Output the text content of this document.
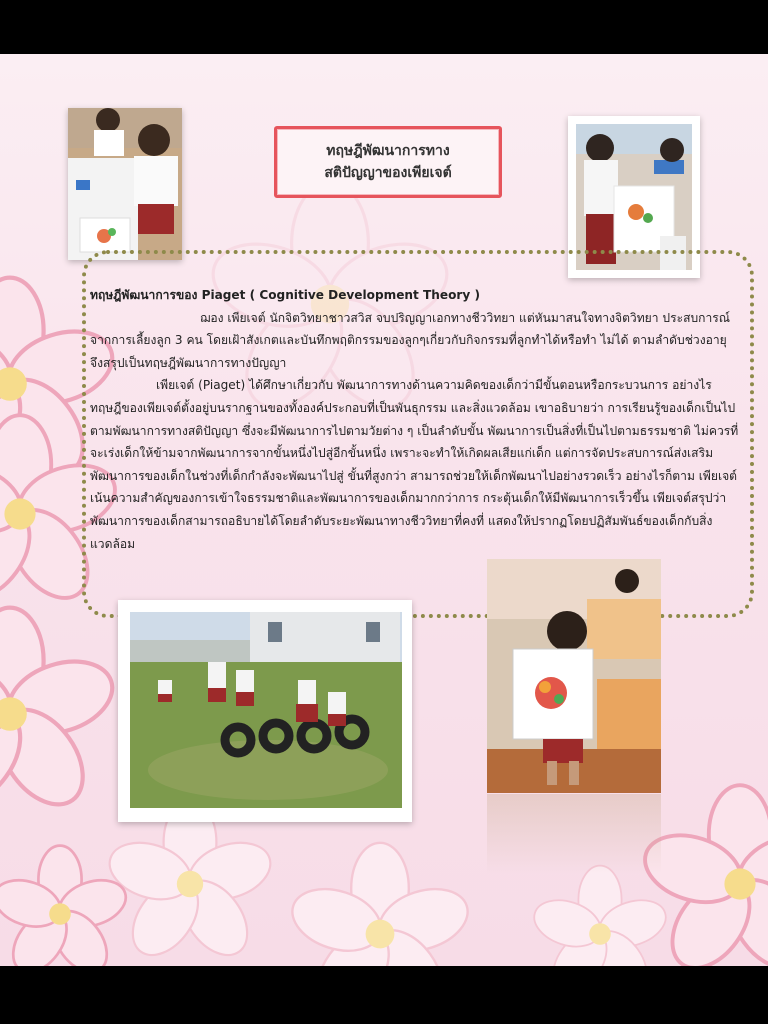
ทฤษฎีพัฒนาการทาง
สติปัญญาของเพียเจต์

ทฤษฎีพัฒนาการของ Piaget ( Cognitive Development Theory )

ฌอง เพียเจต์ นักจิตวิทยาชาวสวิส จบปริญญาเอกทางชีววิทยา แต่หันมาสนใจทางจิตวิทยา ประสบการณ์จากการเลี้ยงลูก 3 คน โดยเฝ้าสังเกตและบันทึกพฤติกรรมของลูกๆเกี่ยวกับกิจกรรมที่ลูกทำได้หรือทำ ไม่ได้ ตามลำดับช่วงอายุ จึงสรุปเป็นทฤษฎีพัฒนาการทางปัญญา

เพียเจต์ (Piaget) ได้ศึกษาเกี่ยวกับ พัฒนาการทางด้านความคิดของเด็กว่ามีขั้นตอนหรือกระบวนการ อย่างไร ทฤษฎีของเพียเจต์ตั้งอยู่บนรากฐานของทั้งองค์ประกอบที่เป็นพันธุกรรม และสิ่งแวดล้อม เขาอธิบายว่า การเรียนรู้ของเด็กเป็นไปตามพัฒนาการทางสติปัญญา ซึ่งจะมีพัฒนาการไปตามวัยต่าง ๆ เป็นลำดับขั้น พัฒนาการเป็นสิ่งที่เป็นไปตามธรรมชาติ ไม่ควรที่จะเร่งเด็กให้ข้ามจากพัฒนาการจากขั้นหนึ่งไปสู่อีกขั้นหนึ่ง เพราะจะทำให้เกิดผลเสียแก่เด็ก แต่การจัดประสบการณ์ส่งเสริมพัฒนาการของเด็กในช่วงที่เด็กกำลังจะพัฒนาไปสู่ ขั้นที่สูงกว่า สามารถช่วยให้เด็กพัฒนาไปอย่างรวดเร็ว อย่างไรก็ตาม เพียเจต์เน้นความสำคัญของการเข้าใจธรรมชาติและพัฒนาการของเด็กมากกว่าการ กระตุ้นเด็กให้มีพัฒนาการเร็วขึ้น เพียเจต์สรุปว่า พัฒนาการของเด็กสามารถอธิบายได้โดยลำดับระยะพัฒนาทางชีววิทยาที่คงที่ แสดงให้ปรากฏโดยปฏิสัมพันธ์ของเด็กกับสิ่งแวดล้อม
